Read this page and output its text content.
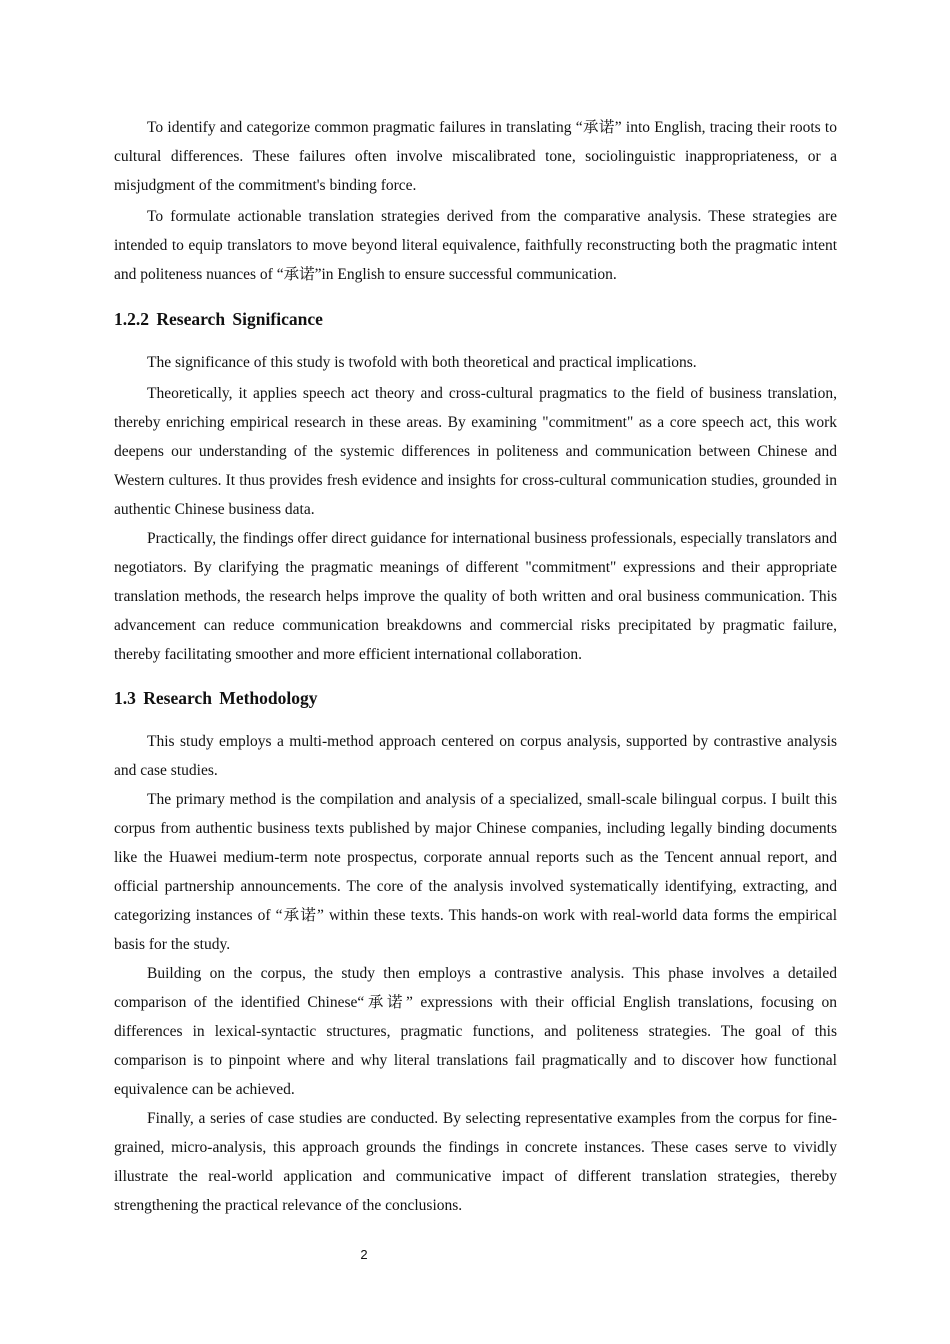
To identify and categorize common pragmatic failures in translating “承诺” into English, tracing their roots to cultural differences. These failures often involve miscalibrated tone, sociolinguistic inappropriateness, or a misjudgment of the commitment's binding force.

To formulate actionable translation strategies derived from the comparative analysis. These strategies are intended to equip translators to move beyond literal equivalence, faithfully reconstructing both the pragmatic intent and politeness nuances of “承诺”in English to ensure successful communication.

1.2.2 Research Significance

The significance of this study is twofold with both theoretical and practical implications.

Theoretically, it applies speech act theory and cross-cultural pragmatics to the field of business translation, thereby enriching empirical research in these areas. By examining "commitment" as a core speech act, this work deepens our understanding of the systemic differences in politeness and communication between Chinese and Western cultures. It thus provides fresh evidence and insights for cross-cultural communication studies, grounded in authentic Chinese business data.

Practically, the findings offer direct guidance for international business professionals, especially translators and negotiators. By clarifying the pragmatic meanings of different "commitment" expressions and their appropriate translation methods, the research helps improve the quality of both written and oral business communication. This advancement can reduce communication breakdowns and commercial risks precipitated by pragmatic failure, thereby facilitating smoother and more efficient international collaboration.

1.3 Research Methodology

This study employs a multi-method approach centered on corpus analysis, supported by contrastive analysis and case studies.

The primary method is the compilation and analysis of a specialized, small-scale bilingual corpus. I built this corpus from authentic business texts published by major Chinese companies, including legally binding documents like the Huawei medium-term note prospectus, corporate annual reports such as the Tencent annual report, and official partnership announcements. The core of the analysis involved systematically identifying, extracting, and categorizing instances of “承诺” within these texts. This hands-on work with real-world data forms the empirical basis for the study.

Building on the corpus, the study then employs a contrastive analysis. This phase involves a detailed comparison of the identified Chinese“承诺” expressions with their official English translations, focusing on differences in lexical-syntactic structures, pragmatic functions, and politeness strategies. The goal of this comparison is to pinpoint where and why literal translations fail pragmatically and to discover how functional equivalence can be achieved.

Finally, a series of case studies are conducted. By selecting representative examples from the corpus for fine-grained, micro-analysis, this approach grounds the findings in concrete instances. These cases serve to vividly illustrate the real-world application and communicative impact of different translation strategies, thereby strengthening the practical relevance of the conclusions.

2
